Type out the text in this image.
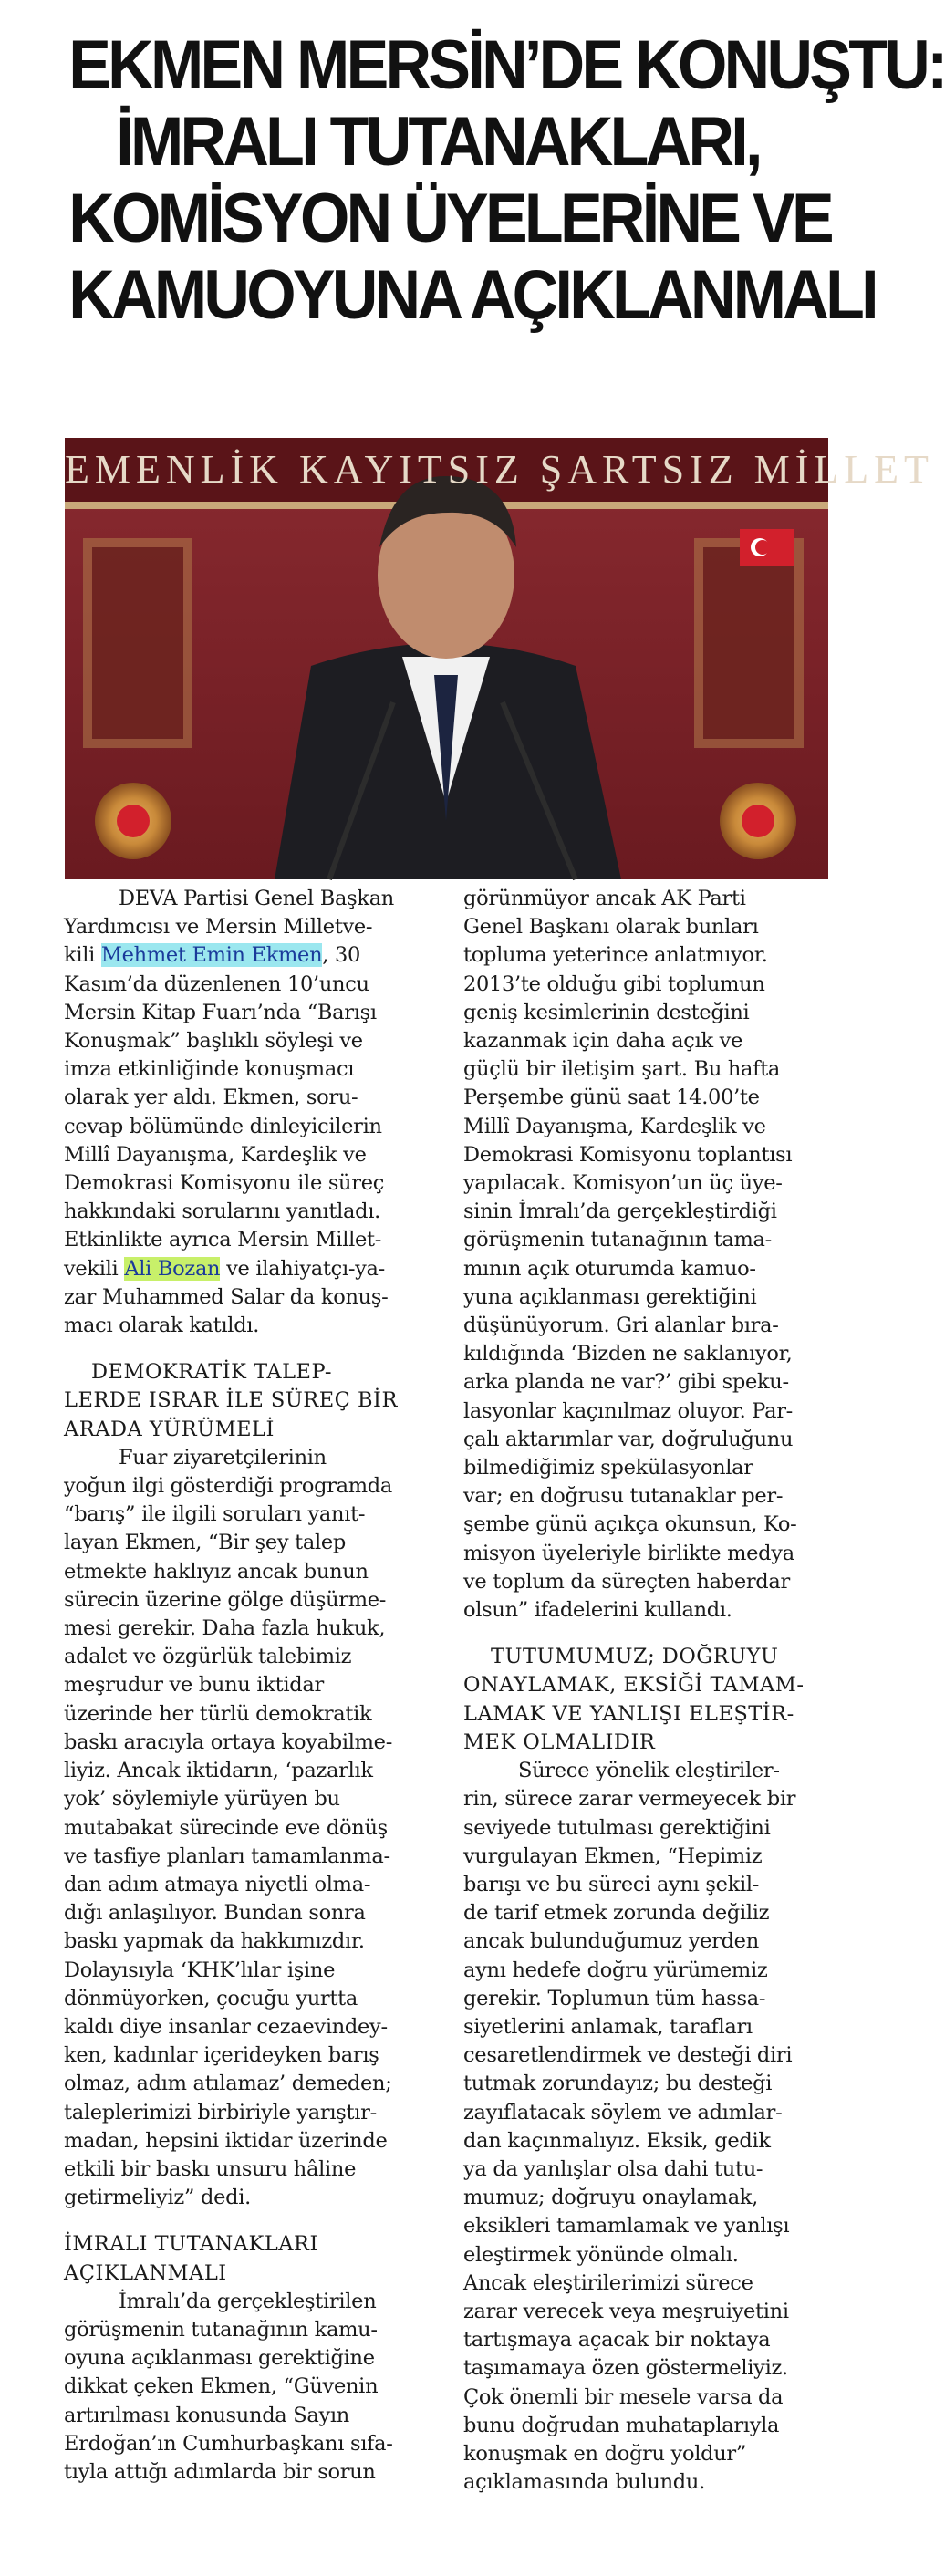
EKMEN MERSİN’DE KONUŞTU:
İMRALI TUTANAKLARI,
KOMİSYON ÜYELERİNE VE
KAMUOYUNA AÇIKLANMALI
EMENLİK KAYITSIZ ŞARTSIZ MİLLET

DEVA Partisi Genel Başkan
Yardımcısı ve Mersin Milletve-
kili Mehmet Emin Ekmen, 30
Kasım’da düzenlenen 10’uncu
Mersin Kitap Fuarı’nda “Barışı
Konuşmak” başlıklı söyleşi ve
imza etkinliğinde konuşmacı
olarak yer aldı. Ekmen, soru-
cevap bölümünde dinleyicilerin
Millî Dayanışma, Kardeşlik ve
Demokrasi Komisyonu ile süreç
hakkındaki sorularını yanıtladı.
Etkinlikte ayrıca Mersin Millet-
vekili Ali Bozan ve ilahiyatçı-ya-
zar Muhammed Salar da konuş-
macı olarak katıldı.

DEMOKRATİK TALEP-
LERDE ISRAR İLE SÜREÇ BİR
ARADA YÜRÜMELİ

Fuar ziyaretçilerinin
yoğun ilgi gösterdiği programda
“barış” ile ilgili soruları yanıt-
layan Ekmen, “Bir şey talep
etmekte haklıyız ancak bunun
sürecin üzerine gölge düşürme-
mesi gerekir. Daha fazla hukuk,
adalet ve özgürlük talebimiz
meşrudur ve bunu iktidar
üzerinde her türlü demokratik
baskı aracıyla ortaya koyabilme-
liyiz. Ancak iktidarın, ‘pazarlık
yok’ söylemiyle yürüyen bu
mutabakat sürecinde eve dönüş
ve tasfiye planları tamamlanma-
dan adım atmaya niyetli olma-
dığı anlaşılıyor. Bundan sonra
baskı yapmak da hakkımızdır.
Dolayısıyla ‘KHK’lılar işine
dönmüyorken, çocuğu yurtta
kaldı diye insanlar cezaevindey-
ken, kadınlar içerideyken barış
olmaz, adım atılamaz’ demeden;
taleplerimizi birbiriyle yarıştır-
madan, hepsini iktidar üzerinde
etkili bir baskı unsuru hâline
getirmeliyiz” dedi.

İMRALI TUTANAKLARI
AÇIKLANMALI

İmralı’da gerçekleştirilen
görüşmenin tutanağının kamu-
oyuna açıklanması gerektiğine
dikkat çeken Ekmen, “Güvenin
artırılması konusunda Sayın
Erdoğan’ın Cumhurbaşkanı sıfa-
tıyla attığı adımlarda bir sorun

görünmüyor ancak AK Parti
Genel Başkanı olarak bunları
topluma yeterince anlatmıyor.
2013’te olduğu gibi toplumun
geniş kesimlerinin desteğini
kazanmak için daha açık ve
güçlü bir iletişim şart. Bu hafta
Perşembe günü saat 14.00’te
Millî Dayanışma, Kardeşlik ve
Demokrasi Komisyonu toplantısı
yapılacak. Komisyon’un üç üye-
sinin İmralı’da gerçekleştirdiği
görüşmenin tutanağının tama-
mının açık oturumda kamuo-
yuna açıklanması gerektiğini
düşünüyorum. Gri alanlar bıra-
kıldığında ‘Bizden ne saklanıyor,
arka planda ne var?’ gibi speku-
lasyonlar kaçınılmaz oluyor. Par-
çalı aktarımlar var, doğruluğunu
bilmediğimiz spekülasyonlar
var; en doğrusu tutanaklar per-
şembe günü açıkça okunsun, Ko-
misyon üyeleriyle birlikte medya
ve toplum da süreçten haberdar
olsun” ifadelerini kullandı.

TUTUMUMUZ; DOĞRUYU
ONAYLAMAK, EKSİĞİ TAMAM-
LAMAK VE YANLIŞI ELEŞTİR-
MEK OLMALIDIR

Sürece yönelik eleştiriler-
rin, sürece zarar vermeyecek bir
seviyede tutulması gerektiğini
vurgulayan Ekmen, “Hepimiz
barışı ve bu süreci aynı şekil-
de tarif etmek zorunda değiliz
ancak bulunduğumuz yerden
aynı hedefe doğru yürümemiz
gerekir. Toplumun tüm hassa-
siyetlerini anlamak, tarafları
cesaretlendirmek ve desteği diri
tutmak zorundayız; bu desteği
zayıflatacak söylem ve adımlar-
dan kaçınmalıyız. Eksik, gedik
ya da yanlışlar olsa dahi tutu-
mumuz; doğruyu onaylamak,
eksikleri tamamlamak ve yanlışı
eleştirmek yönünde olmalı.
Ancak eleştirilerimizi sürece
zarar verecek veya meşruiyetini
tartışmaya açacak bir noktaya
taşımamaya özen göstermeliyiz.
Çok önemli bir mesele varsa da
bunu doğrudan muhataplarıyla
konuşmak en doğru yoldur”
açıklamasında bulundu.
